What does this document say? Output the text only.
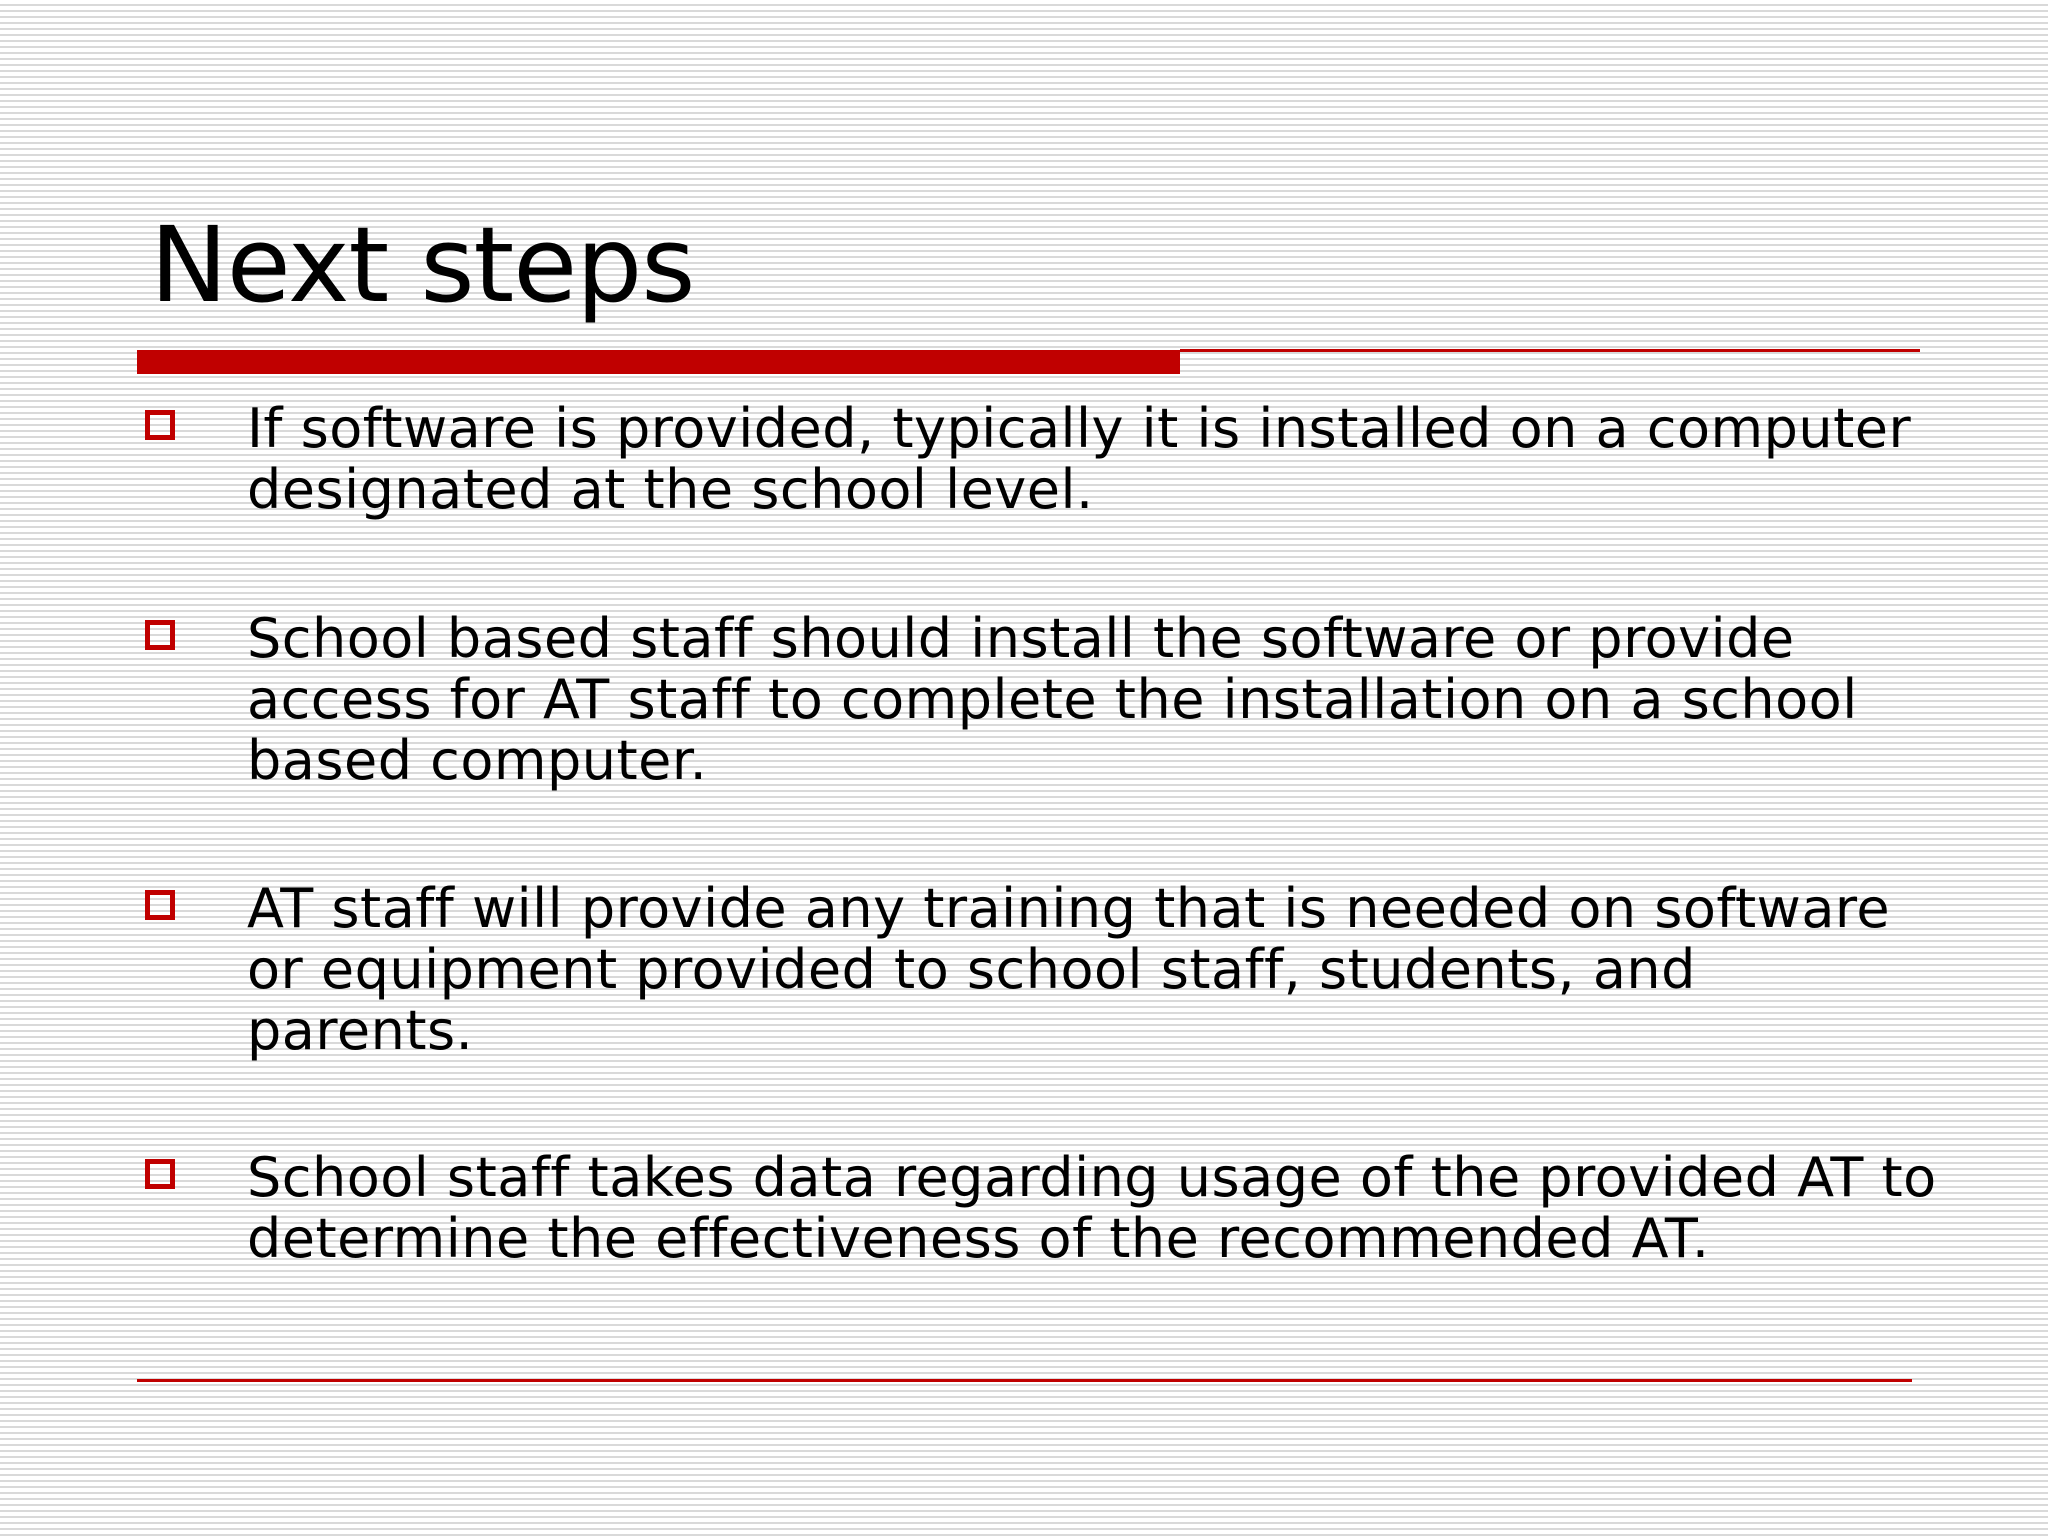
Next steps
If software is provided, typically it is installed on a computer designated at the school level.
School based staff should install the software or provide access for AT staff to complete the installation on a school based computer.
AT staff will provide any training that is needed on software or equipment provided to school staff, students, and parents.
School staff takes data regarding usage of the provided AT to determine the effectiveness of the recommended AT.
